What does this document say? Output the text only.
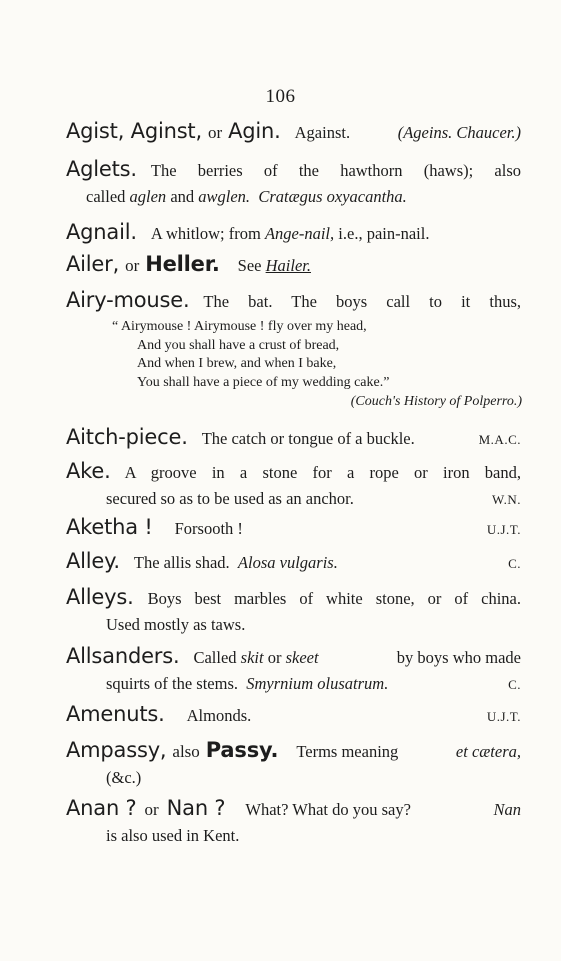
106
Agist, Aginst, or Agin. Against.	(Ageins. Chaucer.)
Aglets. The berries of the hawthorn (haws); also
called
aglen
and
awglen.
Cratægus oxyacantha.
Agnail. A whitlow; from
Ange-nail,
i.e., pain-nail.
Ailer, or Heller. See
Hailer.
Airy-mouse. The bat. The boys call to it thus,
“ Airymouse ! Airymouse ! fly over my head,
And you shall have a crust of bread,
And when I brew, and when I bake,
You shall have a piece of my wedding cake.”
(Couch's History of Polperro.)
Aitch-piece. The catch or tongue of a buckle.	M.A.C.
Ake. A groove in a stone for a rope or iron band,
secured so as to be used as an anchor.	W.N.
Aketha ! Forsooth !	U.J.T.
Alley. The allis shad.
Alosa vulgaris.	C.
Alleys. Boys best marbles of white stone, or of china.
Used mostly as taws.
Allsanders. Called
skit
or
skeet	by boys who made
squirts of the stems.
Smyrnium olusatrum.	C.
Amenuts. Almonds.	U.J.T.
Ampassy, also Passy. Terms meaning	et cætera,
(&c.)
Anan ? or Nan ? What? What do you say?	Nan
is also used in Kent.
